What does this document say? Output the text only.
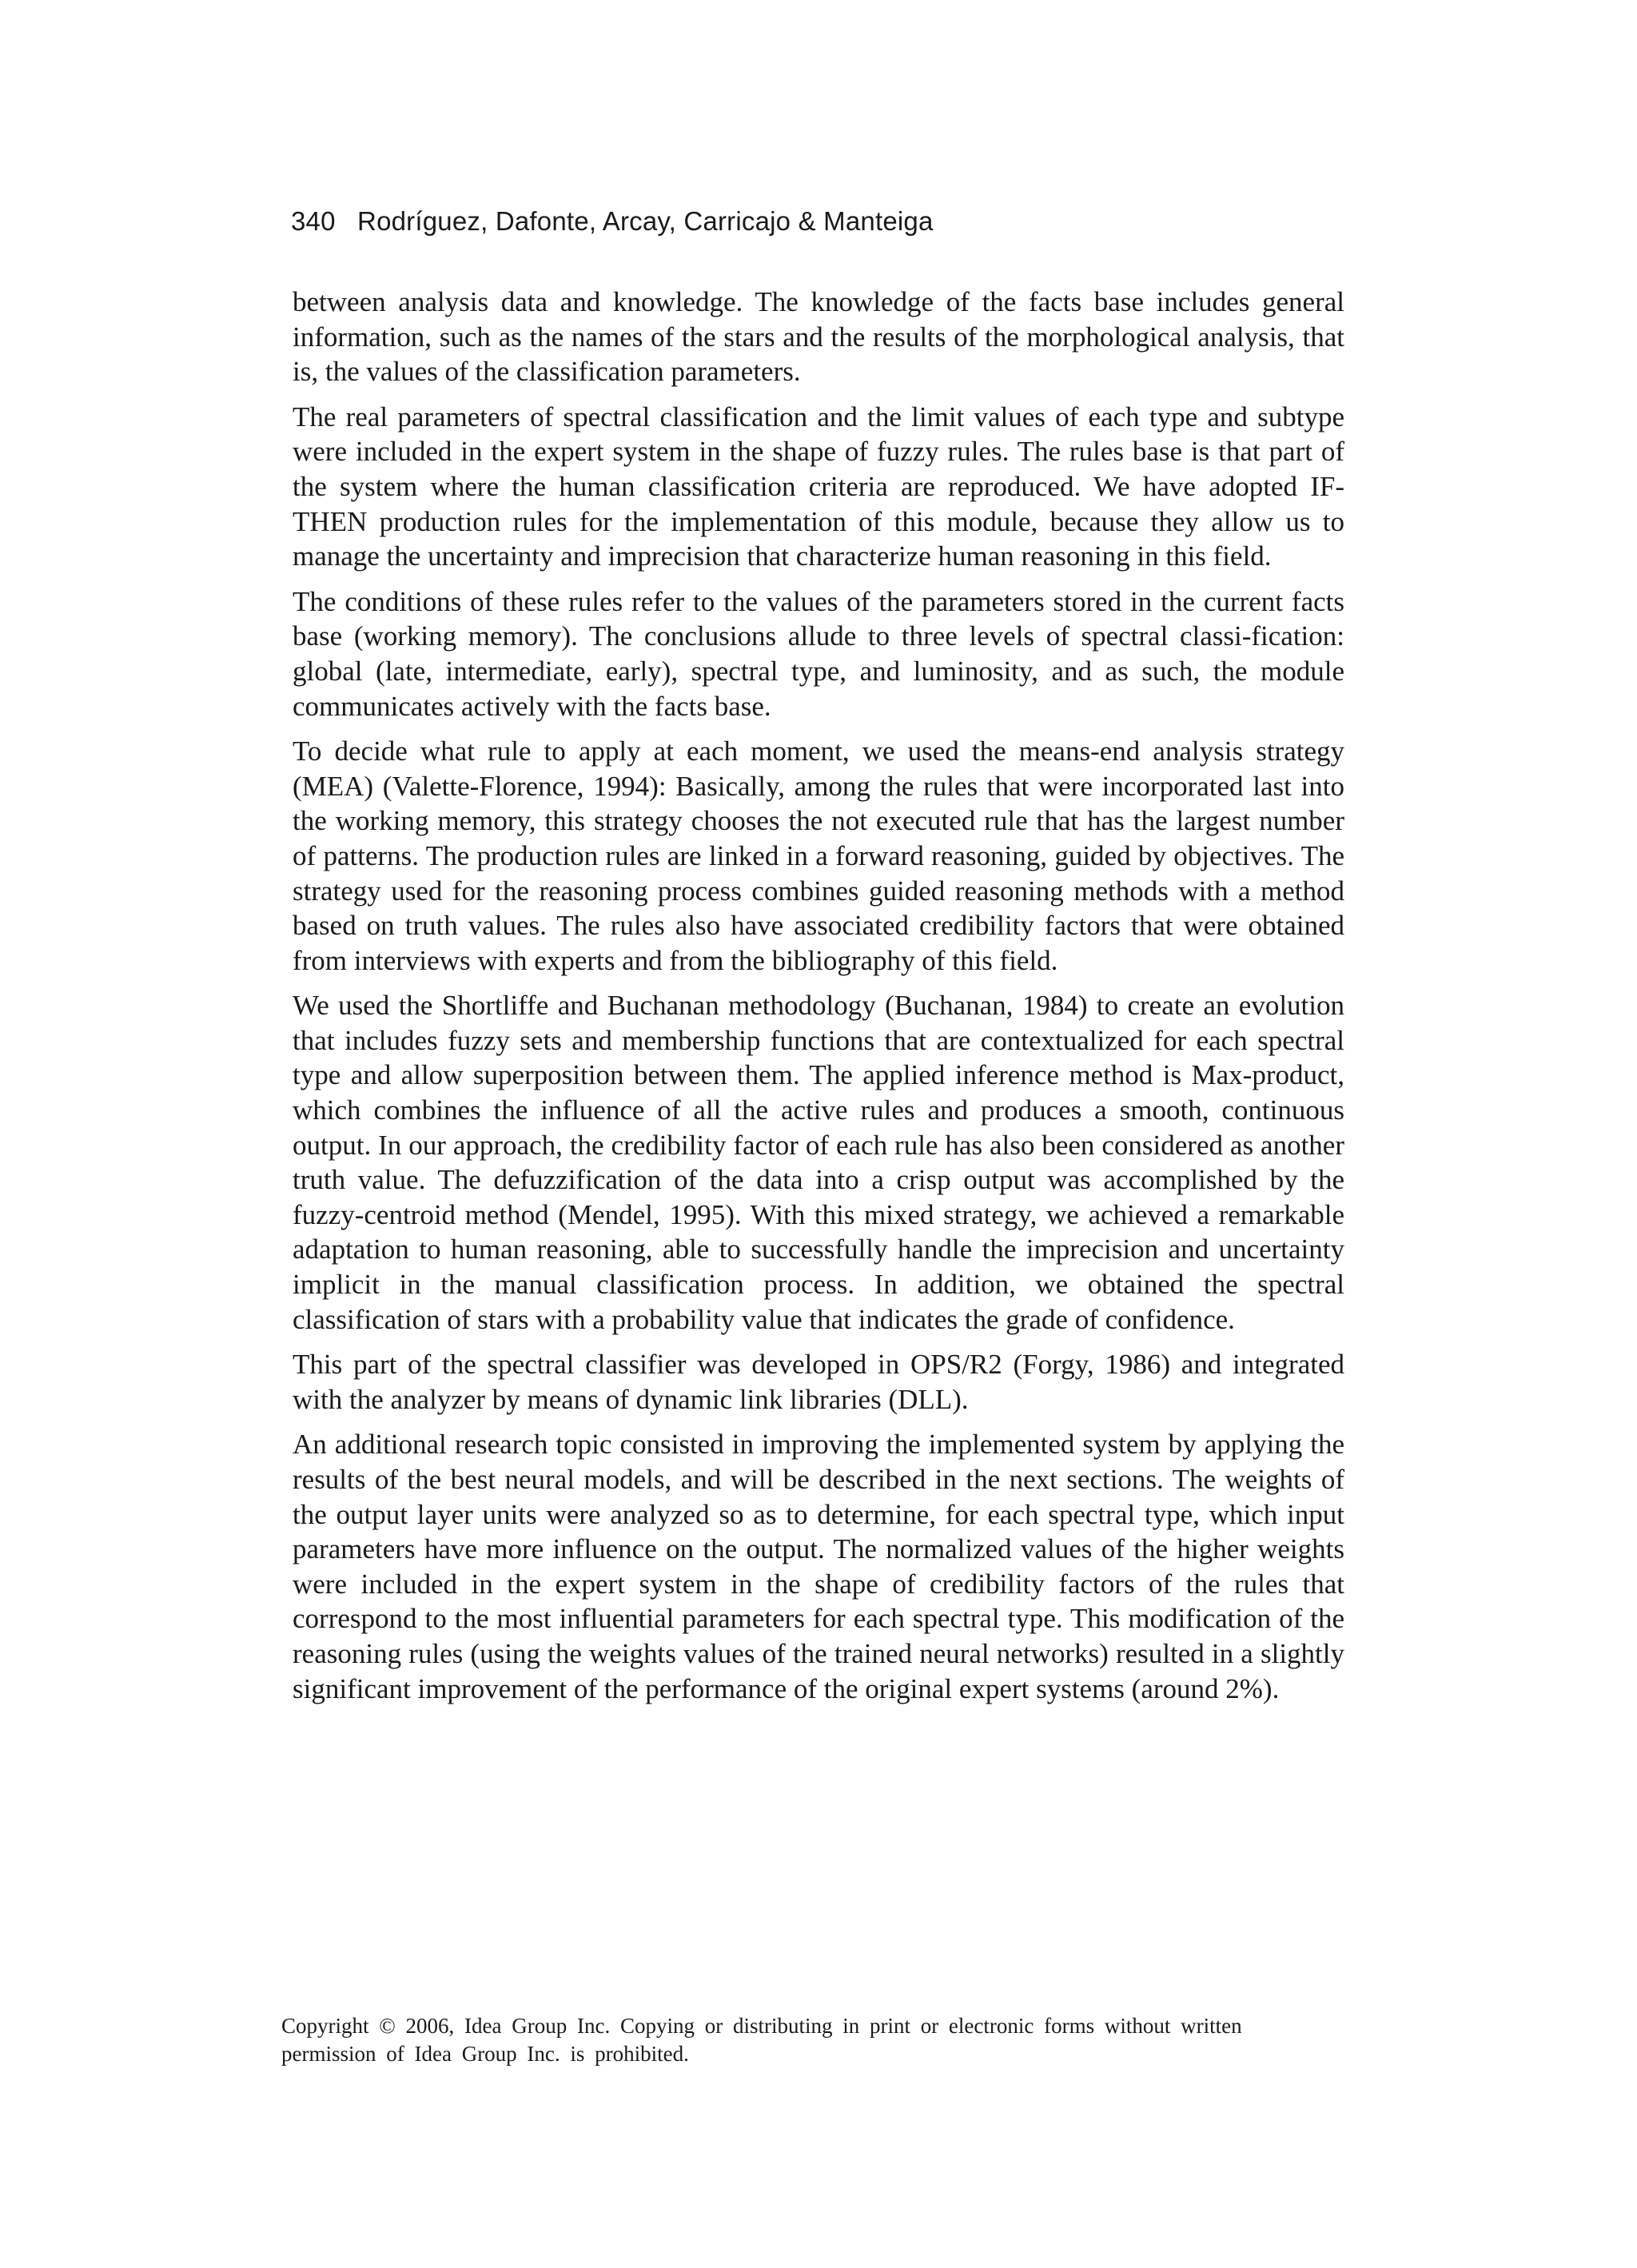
340 Rodríguez, Dafonte, Arcay, Carricajo & Manteiga

between analysis data and knowledge. The knowledge of the facts base includes general information, such as the names of the stars and the results of the morphological analysis, that is, the values of the classification parameters.

The real parameters of spectral classification and the limit values of each type and subtype were included in the expert system in the shape of fuzzy rules. The rules base is that part of the system where the human classification criteria are reproduced. We have adopted IF-THEN production rules for the implementation of this module, because they allow us to manage the uncertainty and imprecision that characterize human reasoning in this field.

The conditions of these rules refer to the values of the parameters stored in the current facts base (working memory). The conclusions allude to three levels of spectral classi-fication: global (late, intermediate, early), spectral type, and luminosity, and as such, the module communicates actively with the facts base.

To decide what rule to apply at each moment, we used the means-end analysis strategy (MEA) (Valette-Florence, 1994): Basically, among the rules that were incorporated last into the working memory, this strategy chooses the not executed rule that has the largest number of patterns. The production rules are linked in a forward reasoning, guided by objectives. The strategy used for the reasoning process combines guided reasoning methods with a method based on truth values. The rules also have associated credibility factors that were obtained from interviews with experts and from the bibliography of this field.

We used the Shortliffe and Buchanan methodology (Buchanan, 1984) to create an evolution that includes fuzzy sets and membership functions that are contextualized for each spectral type and allow superposition between them. The applied inference method is Max-product, which combines the influence of all the active rules and produces a smooth, continuous output. In our approach, the credibility factor of each rule has also been considered as another truth value. The defuzzification of the data into a crisp output was accomplished by the fuzzy-centroid method (Mendel, 1995). With this mixed strategy, we achieved a remarkable adaptation to human reasoning, able to successfully handle the imprecision and uncertainty implicit in the manual classification process. In addition, we obtained the spectral classification of stars with a probability value that indicates the grade of confidence.

This part of the spectral classifier was developed in OPS/R2 (Forgy, 1986) and integrated with the analyzer by means of dynamic link libraries (DLL).

An additional research topic consisted in improving the implemented system by applying the results of the best neural models, and will be described in the next sections. The weights of the output layer units were analyzed so as to determine, for each spectral type, which input parameters have more influence on the output. The normalized values of the higher weights were included in the expert system in the shape of credibility factors of the rules that correspond to the most influential parameters for each spectral type. This modification of the reasoning rules (using the weights values of the trained neural networks) resulted in a slightly significant improvement of the performance of the original expert systems (around 2%).

Copyright © 2006, Idea Group Inc. Copying or distributing in print or electronic forms without written
permission of Idea Group Inc. is prohibited.
